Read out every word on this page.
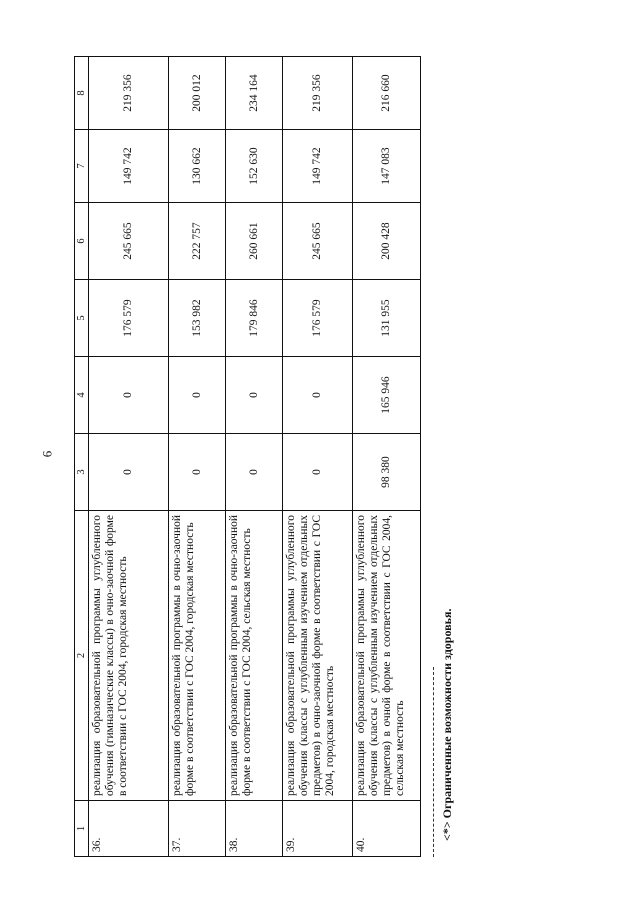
6
1	2	3	4	5	6	7	8
36.	реализация образовательной программы углубленного обучения (гимназические классы) в очно-заочной форме в соответствии с ГОС 2004, городская местность	0	0	176 579	245 665	149 742	219 356
37.	реализация образовательной программы в очно-заочной форме в соответствии с ГОС 2004, городская местность	0	0	153 982	222 757	130 662	200 012
38.	реализация образовательной программы в очно-заочной форме в соответствии с ГОС 2004, сельская местность	0	0	179 846	260 661	152 630	234 164
39.	реализация образовательной программы углубленного обучения (классы с углубленным изучением отдельных предметов) в очно-заочной форме в соответствии с ГОС 2004, городская местность	0	0	176 579	245 665	149 742	219 356
40.	реализация образовательной программы углубленного обучения (классы с углубленным изучением отдельных предметов) в очной форме в соответствии с ГОС 2004, сельская местность	98 380	165 946	131 955	200 428	147 083	216 660
<*> Ограниченные возможности здоровья.
